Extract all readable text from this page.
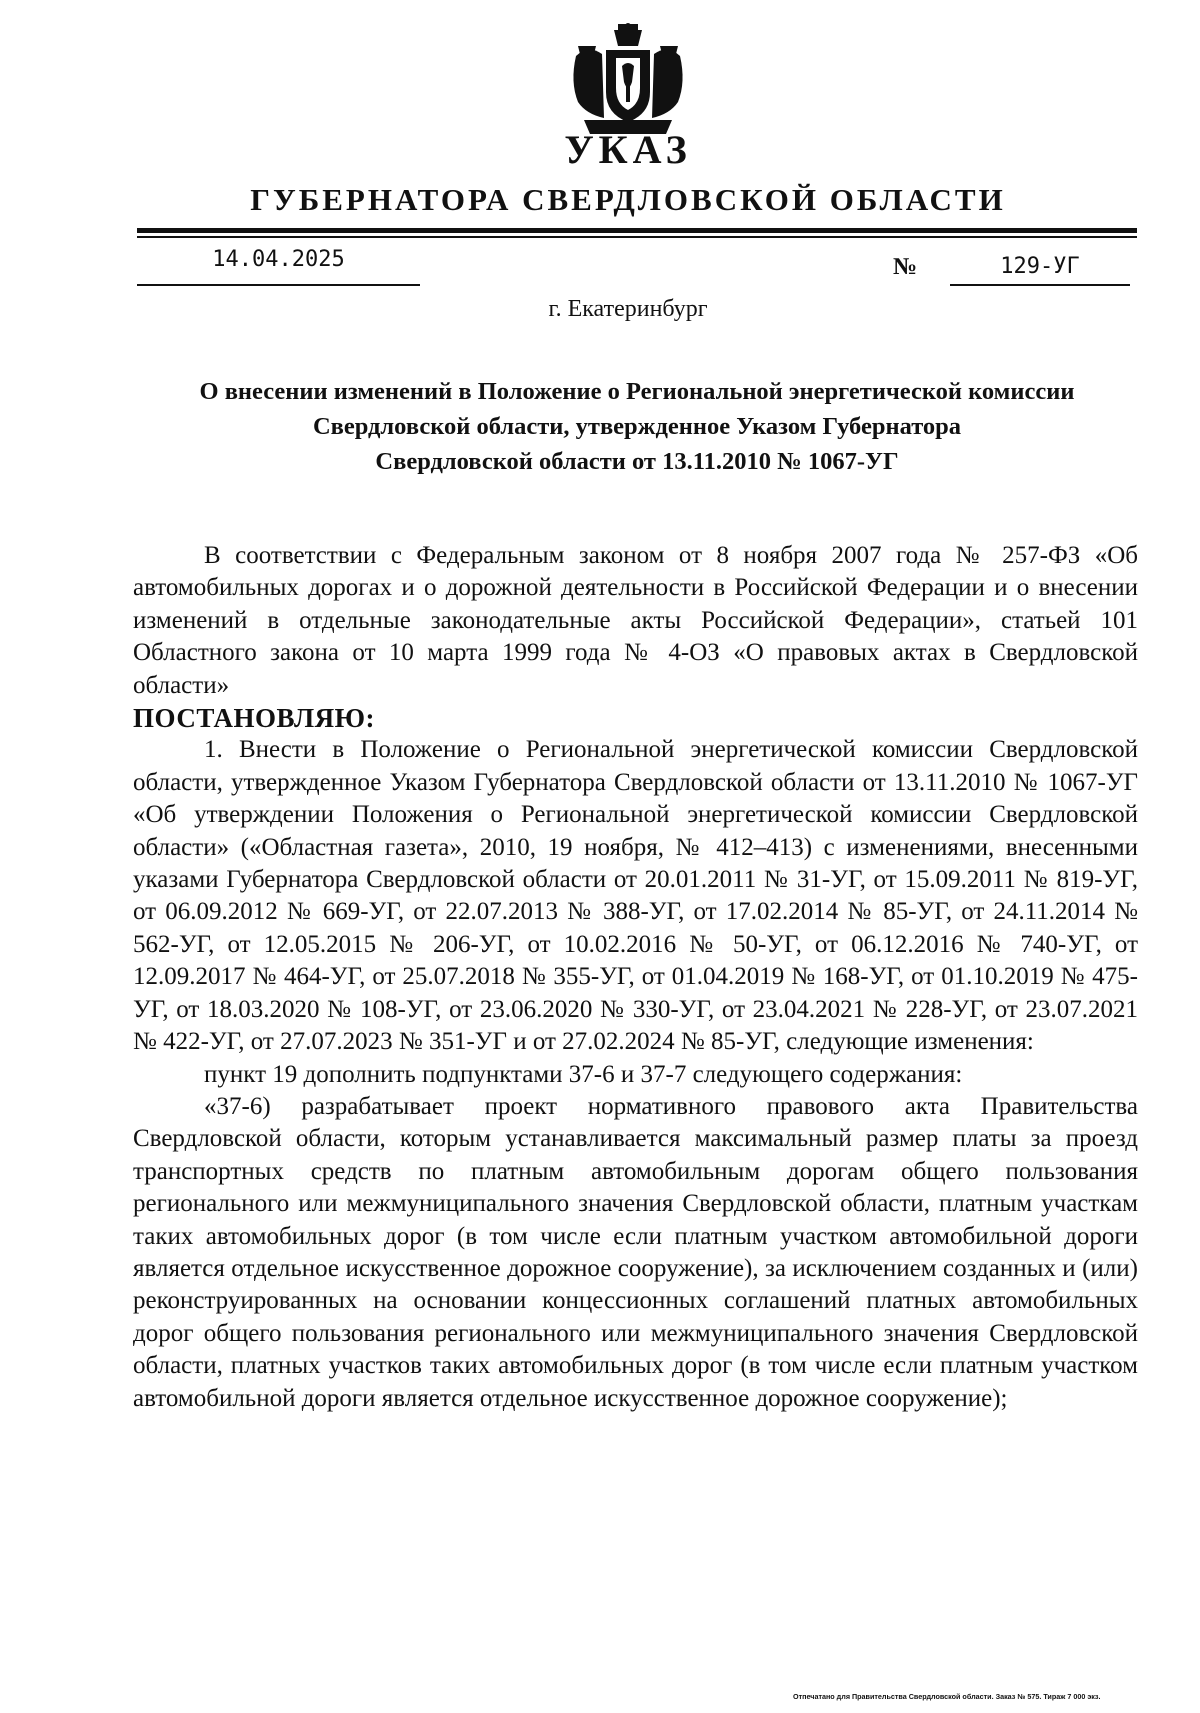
УКАЗ
ГУБЕРНАТОРА СВЕРДЛОВСКОЙ ОБЛАСТИ
14.04.2025	№	129-УГ
г. Екатеринбург
О внесении изменений в Положение о Региональной энергетической комиссии
Свердловской области, утвержденное Указом Губернатора
Свердловской области от 13.11.2010 № 1067-УГ

В соответствии с Федеральным законом от 8 ноября 2007 года № 257-ФЗ «Об автомобильных дорогах и о дорожной деятельности в Российской Федерации и о внесении изменений в отдельные законодательные акты Российской Федерации», статьей 101 Областного закона от 10 марта 1999 года № 4-ОЗ «О правовых актах в Свердловской области»

ПОСТАНОВЛЯЮ:

1. Внести в Положение о Региональной энергетической комиссии Свердловской области, утвержденное Указом Губернатора Свердловской области от 13.11.2010 № 1067-УГ «Об утверждении Положения о Региональной энергетической комиссии Свердловской области» («Областная газета», 2010, 19 ноября, № 412–413) с изменениями, внесенными указами Губернатора Свердловской области от 20.01.2011 № 31-УГ, от 15.09.2011 № 819-УГ, от 06.09.2012 № 669-УГ, от 22.07.2013 № 388-УГ, от 17.02.2014 № 85-УГ, от 24.11.2014 № 562-УГ, от 12.05.2015 № 206-УГ, от 10.02.2016 № 50-УГ, от 06.12.2016 № 740-УГ, от 12.09.2017 № 464-УГ, от 25.07.2018 № 355-УГ, от 01.04.2019 № 168-УГ, от 01.10.2019 № 475-УГ, от 18.03.2020 № 108-УГ, от 23.06.2020 № 330-УГ, от 23.04.2021 № 228-УГ, от 23.07.2021 № 422-УГ, от 27.07.2023 № 351-УГ и от 27.02.2024 № 85-УГ, следующие изменения:

пункт 19 дополнить подпунктами 37-6 и 37-7 следующего содержания:

«37-6) разрабатывает проект нормативного правового акта Правительства Свердловской области, которым устанавливается максимальный размер платы за проезд транспортных средств по платным автомобильным дорогам общего пользования регионального или межмуниципального значения Свердловской области, платным участкам таких автомобильных дорог (в том числе если платным участком автомобильной дороги является отдельное искусственное дорожное сооружение), за исключением созданных и (или) реконструированных на основании концессионных соглашений платных автомобильных дорог общего пользования регионального или межмуниципального значения Свердловской области, платных участков таких автомобильных дорог (в том числе если платным участком автомобильной дороги является отдельное искусственное дорожное сооружение);

Отпечатано для Правительства Свердловской области. Заказ № 575. Тираж 7 000 экз.
